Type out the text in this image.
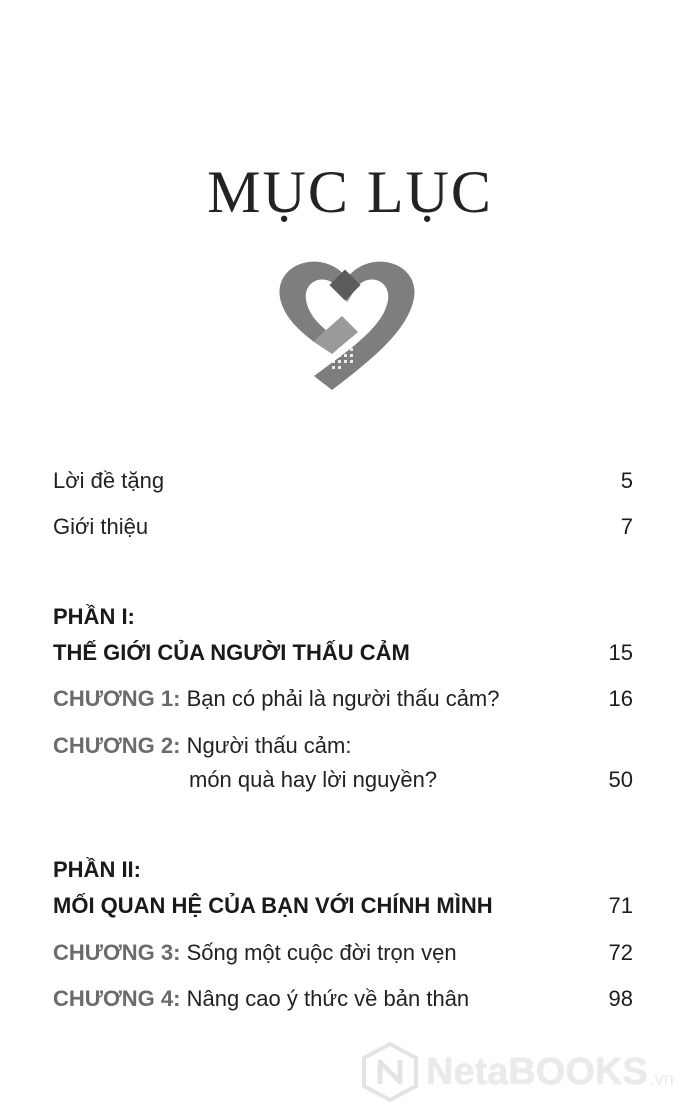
MỤC LỤC
Lời đề tặng	5
Giới thiệu	7
PHẦN I:
THẾ GIỚI CỦA NGƯỜI THẤU CẢM	15
CHƯƠNG 1: Bạn có phải là người thấu cảm?	16
CHƯƠNG 2: Người thấu cảm:
món quà hay lời nguyền?	50
PHẦN II:
MỐI QUAN HỆ CỦA BẠN VỚI CHÍNH MÌNH	71
CHƯƠNG 3: Sống một cuộc đời trọn vẹn	72
CHƯƠNG 4: Nâng cao ý thức về bản thân	98
NetaBOOKS .vn
